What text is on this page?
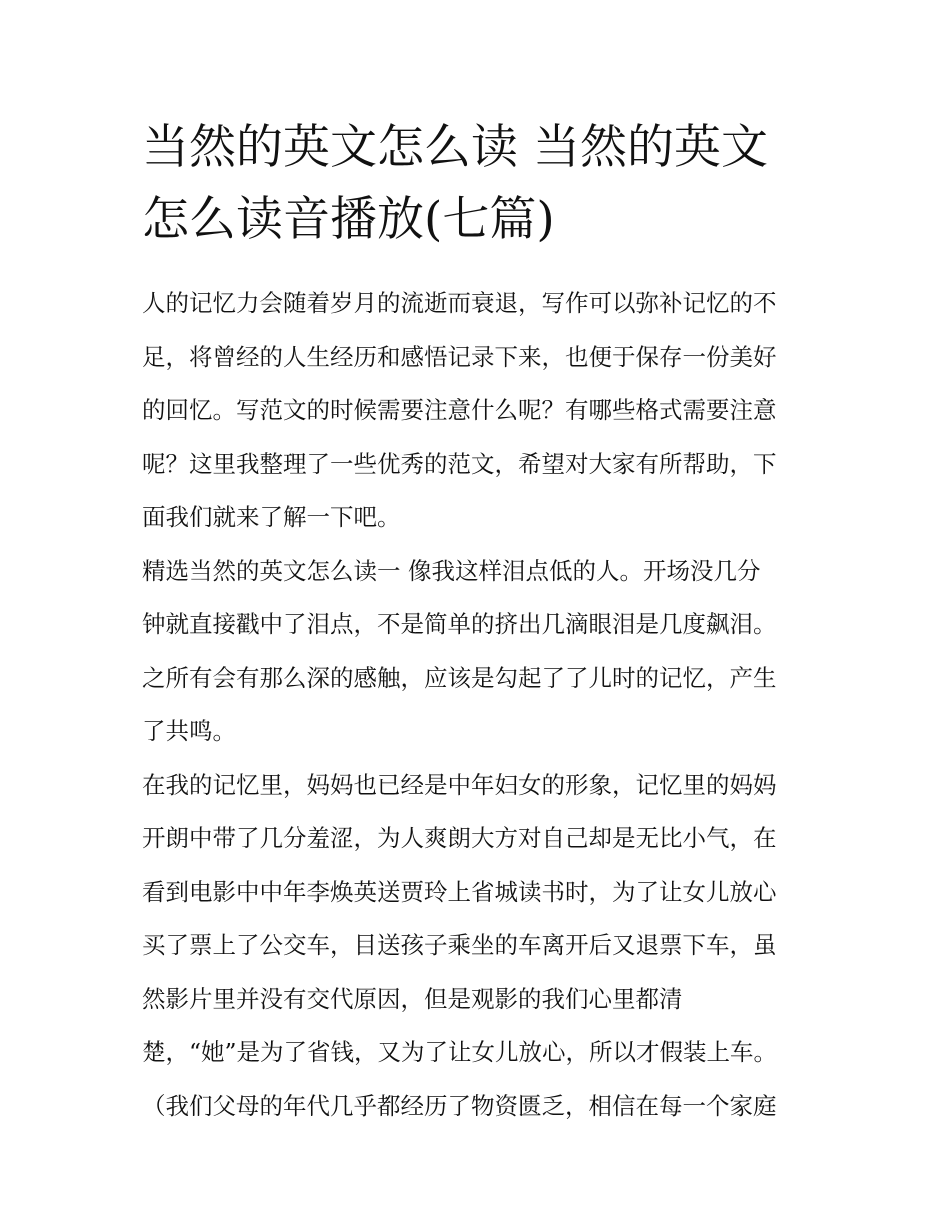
当然的英文怎么读 当然的英文
怎么读音播放(七篇)
人的记忆力会随着岁月的流逝而衰退，写作可以弥补记忆的不
足，将曾经的人生经历和感悟记录下来，也便于保存一份美好
的回忆。写范文的时候需要注意什么呢？有哪些格式需要注意
呢？这里我整理了一些优秀的范文，希望对大家有所帮助，下
面我们就来了解一下吧。
精选当然的英文怎么读一 像我这样泪点低的人。开场没几分
钟就直接戳中了泪点，不是简单的挤出几滴眼泪是几度飙泪。
之所有会有那么深的感触，应该是勾起了了儿时的记忆，产生
了共鸣。
在我的记忆里，妈妈也已经是中年妇女的形象，记忆里的妈妈
开朗中带了几分羞涩，为人爽朗大方对自己却是无比小气，在
看到电影中中年李焕英送贾玲上省城读书时，为了让女儿放心
买了票上了公交车，目送孩子乘坐的车离开后又退票下车，虽
然影片里并没有交代原因，但是观影的我们心里都清
楚，“她”是为了省钱，又为了让女儿放心，所以才假装上车。
（我们父母的年代几乎都经历了物资匮乏，相信在每一个家庭
